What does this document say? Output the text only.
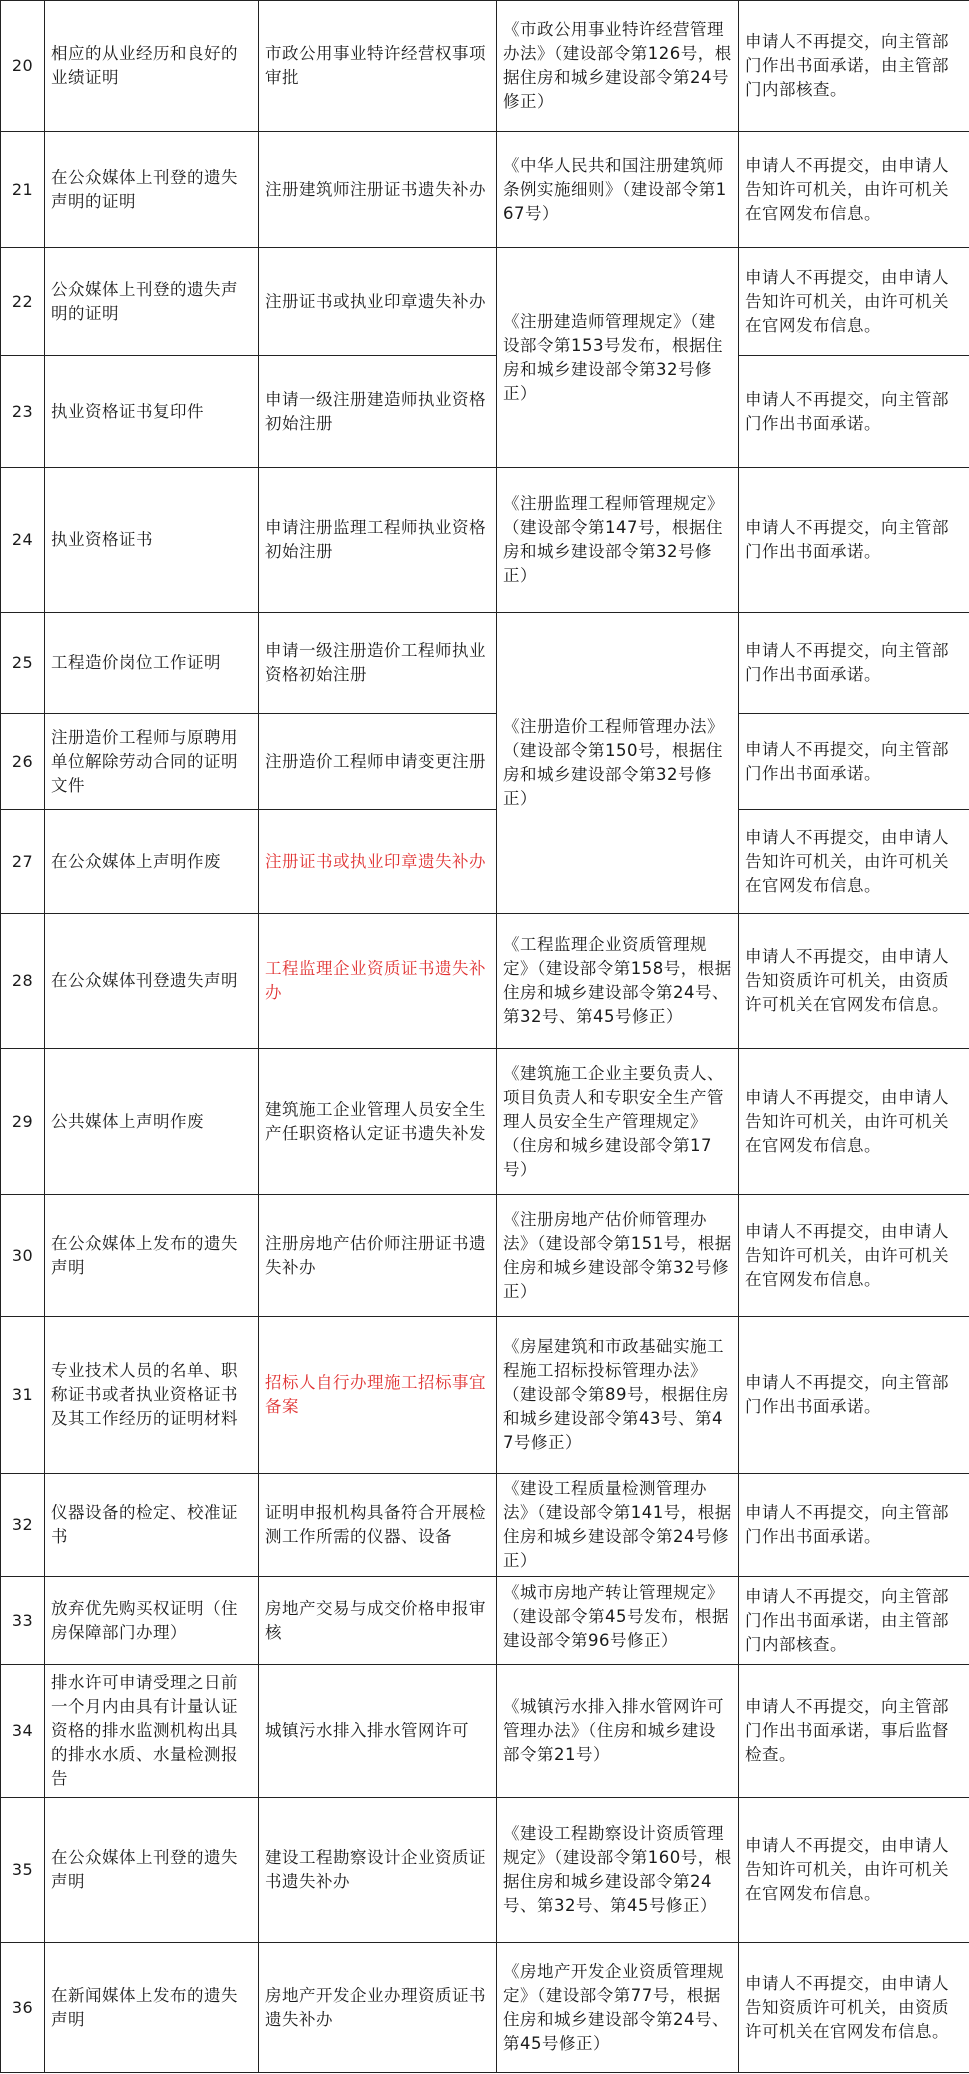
20	相应的从业经历和良好的业绩证明	市政公用事业特许经营权事项审批	《市政公用事业特许经营管理办法》（建设部令第126号，根据住房和城乡建设部令第24号修正）	申请人不再提交，向主管部门作出书面承诺，由主管部门内部核查。
21	在公众媒体上刊登的遗失声明的证明	注册建筑师注册证书遗失补办	《中华人民共和国注册建筑师条例实施细则》（建设部令第167号）	申请人不再提交，由申请人告知许可机关，由许可机关在官网发布信息。
22	公众媒体上刊登的遗失声明的证明	注册证书或执业印章遗失补办	《注册建造师管理规定》（建设部令第153号发布，根据住房和城乡建设部令第32号修正）	申请人不再提交，由申请人告知许可机关，由许可机关在官网发布信息。
23	执业资格证书复印件	申请一级注册建造师执业资格初始注册		申请人不再提交，向主管部门作出书面承诺。
24	执业资格证书	申请注册监理工程师执业资格初始注册	《注册监理工程师管理规定》（建设部令第147号，根据住房和城乡建设部令第32号修正）	申请人不再提交，向主管部门作出书面承诺。
25	工程造价岗位工作证明	申请一级注册造价工程师执业资格初始注册	《注册造价工程师管理办法》（建设部令第150号，根据住房和城乡建设部令第32号修正）	申请人不再提交，向主管部门作出书面承诺。
26	注册造价工程师与原聘用单位解除劳动合同的证明文件	注册造价工程师申请变更注册		申请人不再提交，向主管部门作出书面承诺。
27	在公众媒体上声明作废	注册证书或执业印章遗失补办		申请人不再提交，由申请人告知许可机关，由许可机关在官网发布信息。
28	在公众媒体刊登遗失声明	工程监理企业资质证书遗失补办	《工程监理企业资质管理规定》（建设部令第158号，根据住房和城乡建设部令第24号、第32号、第45号修正）	申请人不再提交，由申请人告知资质许可机关，由资质许可机关在官网发布信息。
29	公共媒体上声明作废	建筑施工企业管理人员安全生产任职资格认定证书遗失补发	《建筑施工企业主要负责人、项目负责人和专职安全生产管理人员安全生产管理规定》（住房和城乡建设部令第17号）	申请人不再提交，由申请人告知许可机关，由许可机关在官网发布信息。
30	在公众媒体上发布的遗失声明	注册房地产估价师注册证书遗失补办	《注册房地产估价师管理办法》（建设部令第151号，根据住房和城乡建设部令第32号修正）	申请人不再提交，由申请人告知许可机关，由许可机关在官网发布信息。
31	专业技术人员的名单、职称证书或者执业资格证书及其工作经历的证明材料	招标人自行办理施工招标事宜备案	《房屋建筑和市政基础实施工程施工招标投标管理办法》（建设部令第89号，根据住房和城乡建设部令第43号、第47号修正）	申请人不再提交，向主管部门作出书面承诺。
32	仪器设备的检定、校准证书	证明申报机构具备符合开展检测工作所需的仪器、设备	《建设工程质量检测管理办法》（建设部令第141号，根据住房和城乡建设部令第24号修正）	申请人不再提交，向主管部门作出书面承诺。
33	放弃优先购买权证明（住房保障部门办理）	房地产交易与成交价格申报审核	《城市房地产转让管理规定》（建设部令第45号发布，根据建设部令第96号修正）	申请人不再提交，向主管部门作出书面承诺，由主管部门内部核查。
34	排水许可申请受理之日前一个月内由具有计量认证资格的排水监测机构出具的排水水质、水量检测报告	城镇污水排入排水管网许可	《城镇污水排入排水管网许可管理办法》（住房和城乡建设部令第21号）	申请人不再提交，向主管部门作出书面承诺，事后监督检查。
35	在公众媒体上刊登的遗失声明	建设工程勘察设计企业资质证书遗失补办	《建设工程勘察设计资质管理规定》（建设部令第160号，根据住房和城乡建设部令第24号、第32号、第45号修正）	申请人不再提交，由申请人告知许可机关，由许可机关在官网发布信息。
36	在新闻媒体上发布的遗失声明	房地产开发企业办理资质证书遗失补办	《房地产开发企业资质管理规定》（建设部令第77号，根据住房和城乡建设部令第24号、第45号修正）	申请人不再提交，由申请人告知资质许可机关，由资质许可机关在官网发布信息。
